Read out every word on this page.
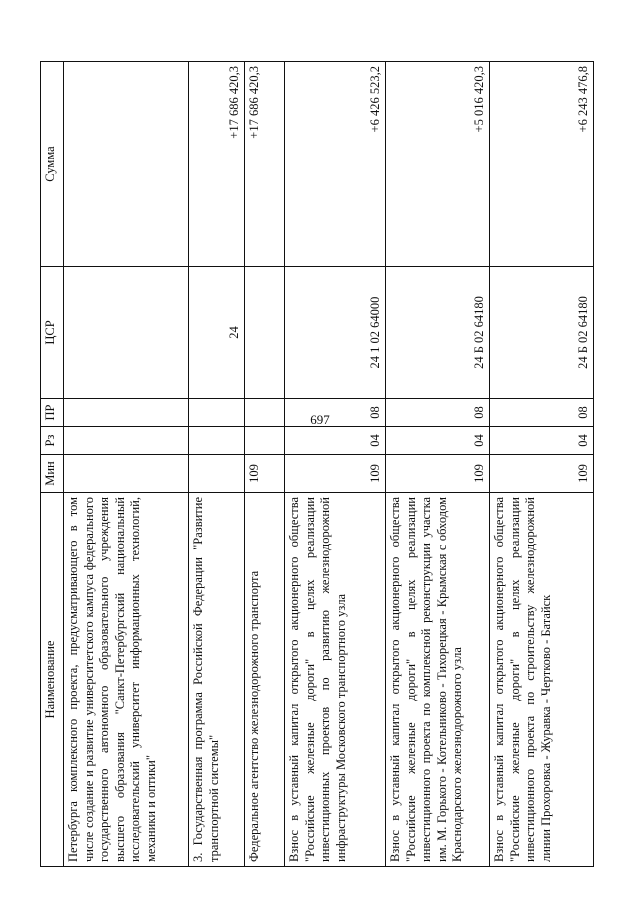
697
Наименование	Мин	Рз	ПР	ЦСР	Сумма
Петербурга комплексного проекта, предусматривающего в том числе создание и развитие университетского кампуса федерального государственного автономного образовательного учреждения высшего образования "Санкт-Петербургский национальный исследовательский университет информационных технологий, механики и оптики"					
3. Государственная программа Российской Федерации "Развитие транспортной системы"				24	+17 686 420,3
Федеральное агентство железнодорожного транспорта	109				+17 686 420,3
Взнос в уставный капитал открытого акционерного общества "Российские железные дороги" в целях реализации инвестиционных проектов по развитию железнодорожной инфраструктуры Московского транспортного узла	109	04	08	24 1 02 64000	+6 426 523,2
Взнос в уставный капитал открытого акционерного общества "Российские железные дороги" в целях реализации инвестиционного проекта по комплексной реконструкции участка им. М. Горького - Котельниково - Тихорецкая - Крымская с обходом Краснодарского железнодорожного узла	109	04	08	24 Б 02 64180	+5 016 420,3
Взнос в уставный капитал открытого акционерного общества "Российские железные дороги" в целях реализации инвестиционного проекта по строительству железнодорожной линии Прохоровка - Журавка - Чертково - Батайск	109	04	08	24 Б 02 64180	+6 243 476,8
